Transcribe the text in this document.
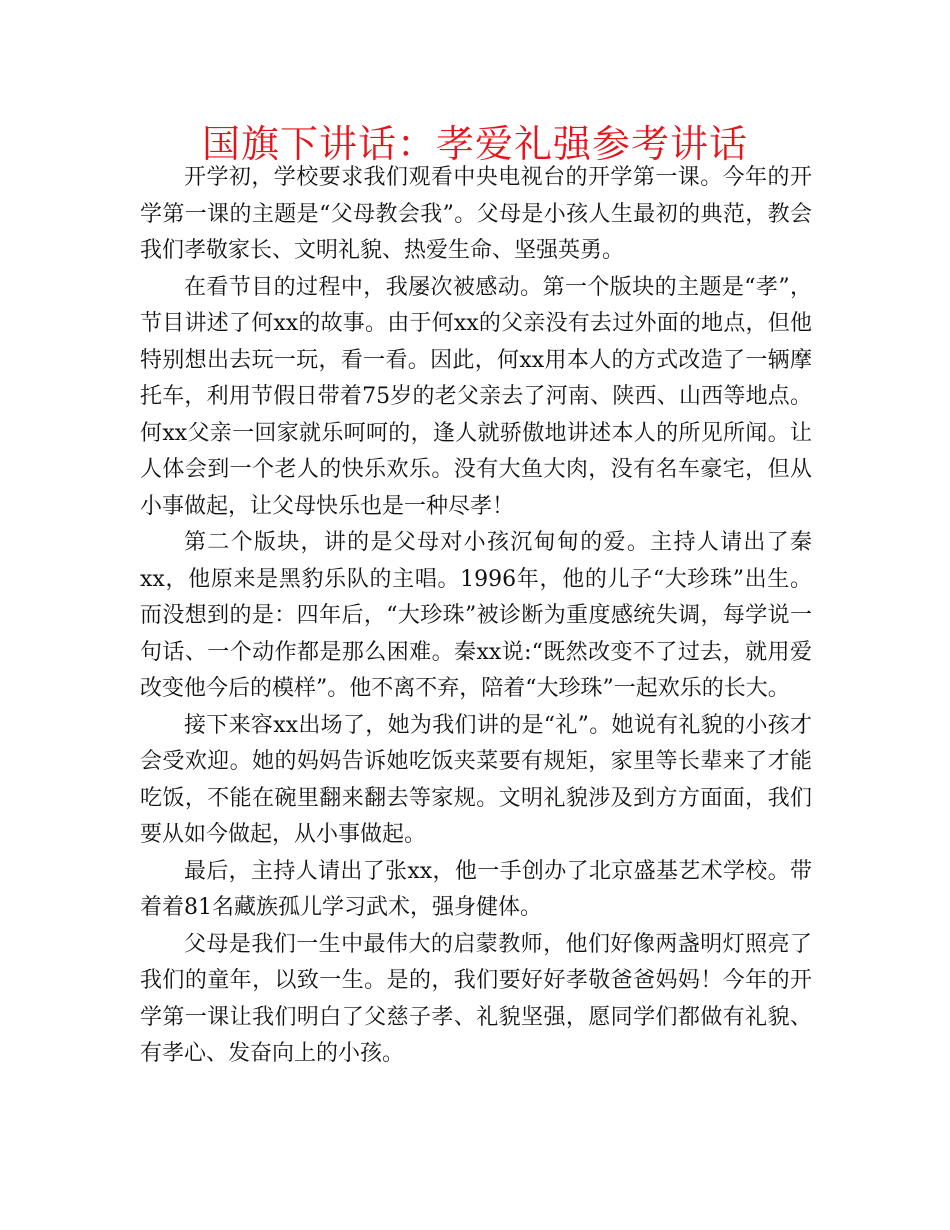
国旗下讲话：孝爱礼强参考讲话

开学初，学校要求我们观看中央电视台的开学第一课。今年的开学第一课的主题是“父母教会我”。父母是小孩人生最初的典范，教会我们孝敬家长、文明礼貌、热爱生命、坚强英勇。

在看节目的过程中，我屡次被感动。第一个版块的主题是“孝”，节目讲述了何xx的故事。由于何xx的父亲没有去过外面的地点，但他特别想出去玩一玩，看一看。因此，何xx用本人的方式改造了一辆摩托车，利用节假日带着75岁的老父亲去了河南、陕西、山西等地点。何xx父亲一回家就乐呵呵的，逢人就骄傲地讲述本人的所见所闻。让人体会到一个老人的快乐欢乐。没有大鱼大肉，没有名车豪宅，但从小事做起，让父母快乐也是一种尽孝！

第二个版块，讲的是父母对小孩沉甸甸的爱。主持人请出了秦xx，他原来是黑豹乐队的主唱。1996年，他的儿子“大珍珠”出生。而没想到的是：四年后，“大珍珠”被诊断为重度感统失调，每学说一句话、一个动作都是那么困难。秦xx说:“既然改变不了过去，就用爱改变他今后的模样”。他不离不弃，陪着“大珍珠”一起欢乐的长大。

接下来容xx出场了，她为我们讲的是“礼”。她说有礼貌的小孩才会受欢迎。她的妈妈告诉她吃饭夹菜要有规矩，家里等长辈来了才能吃饭，不能在碗里翻来翻去等家规。文明礼貌涉及到方方面面，我们要从如今做起，从小事做起。

最后，主持人请出了张xx，他一手创办了北京盛基艺术学校。带着着81名藏族孤儿学习武术，强身健体。

父母是我们一生中最伟大的启蒙教师，他们好像两盏明灯照亮了我们的童年，以致一生。是的，我们要好好孝敬爸爸妈妈！今年的开学第一课让我们明白了父慈子孝、礼貌坚强，愿同学们都做有礼貌、有孝心、发奋向上的小孩。
